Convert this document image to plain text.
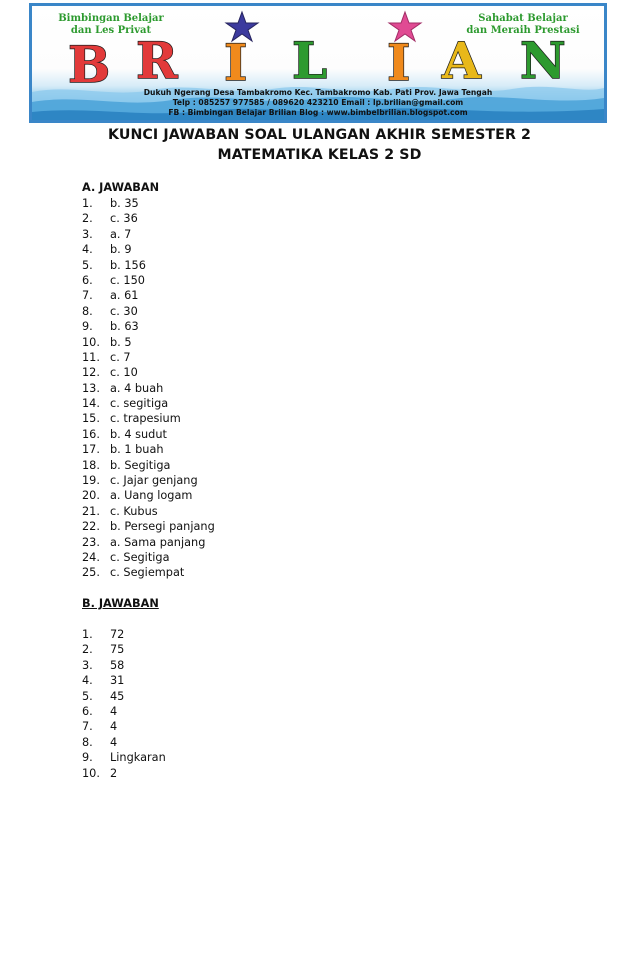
Bimbingan Belajar
dan Les Privat
Sahabat Belajar
dan Meraih Prestasi
B R I L I A N
Dukuh Ngerang Desa Tambakromo Kec. Tambakromo Kab. Pati Prov. Jawa Tengah
Telp : 085257 977585 / 089620 423210 Email : lp.brilian@gmail.com
FB : Bimbingan Belajar Brilian Blog : www.bimbelbrilian.blogspot.com
KUNCI JAWABAN SOAL ULANGAN AKHIR SEMESTER 2
MATEMATIKA KELAS 2 SD
A. JAWABAN
1. b. 35
2. c. 36
3. a. 7
4. b. 9
5. b. 156
6. c. 150
7. a. 61
8. c. 30
9. b. 63
10. b. 5
11. c. 7
12. c. 10
13. a. 4 buah
14. c. segitiga
15. c. trapesium
16. b. 4 sudut
17. b. 1 buah
18. b. Segitiga
19. c. Jajar genjang
20. a. Uang logam
21. c. Kubus
22. b. Persegi panjang
23. a. Sama panjang
24. c. Segitiga
25. c. Segiempat
B. JAWABAN
1. 72
2. 75
3. 58
4. 31
5. 45
6. 4
7. 4
8. 4
9. Lingkaran
10. 2
